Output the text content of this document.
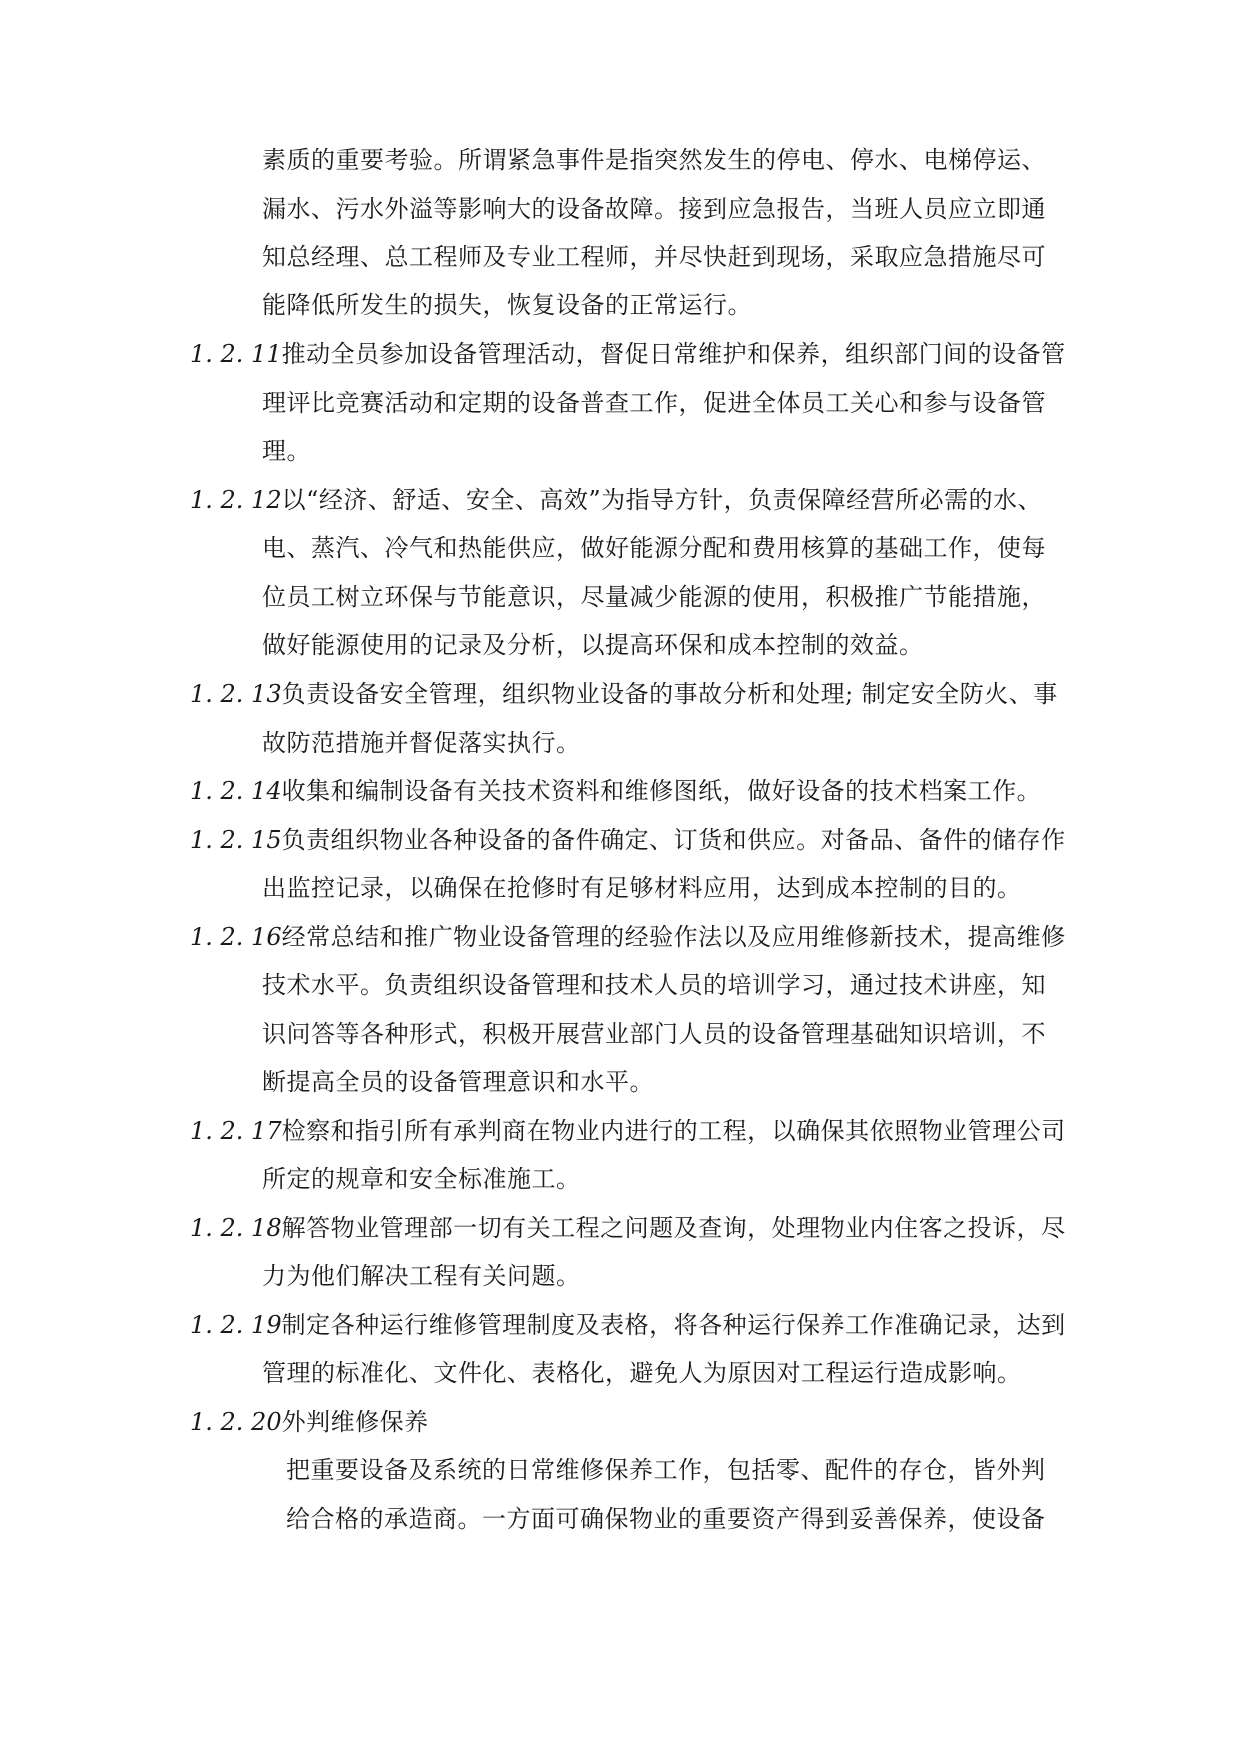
素质的重要考验。所谓紧急事件是指突然发生的停电、停水、电梯停运、
漏水、污水外溢等影响大的设备故障。接到应急报告，当班人员应立即通
知总经理、总工程师及专业工程师，并尽快赶到现场，采取应急措施尽可
能降低所发生的损失，恢复设备的正常运行。
1. 2. 11推动全员参加设备管理活动，督促日常维护和保养，组织部门间的设备管
理评比竞赛活动和定期的设备普查工作，促进全体员工关心和参与设备管
理。
1. 2. 12以“经济、舒适、安全、高效”为指导方针，负责保障经营所必需的水、
电、蒸汽、冷气和热能供应，做好能源分配和费用核算的基础工作，使每
位员工树立环保与节能意识，尽量减少能源的使用，积极推广节能措施，
做好能源使用的记录及分析，以提高环保和成本控制的效益。
1. 2. 13负责设备安全管理，组织物业设备的事故分析和处理; 制定安全防火、事
故防范措施并督促落实执行。
1. 2. 14收集和编制设备有关技术资料和维修图纸，做好设备的技术档案工作。
1. 2. 15负责组织物业各种设备的备件确定、订货和供应。对备品、备件的储存作
出监控记录，以确保在抢修时有足够材料应用，达到成本控制的目的。
1. 2. 16经常总结和推广物业设备管理的经验作法以及应用维修新技术，提高维修
技术水平。负责组织设备管理和技术人员的培训学习，通过技术讲座，知
识问答等各种形式，积极开展营业部门人员的设备管理基础知识培训，不
断提高全员的设备管理意识和水平。
1. 2. 17检察和指引所有承判商在物业内进行的工程，以确保其依照物业管理公司
所定的规章和安全标准施工。
1. 2. 18解答物业管理部一切有关工程之问题及查询，处理物业内住客之投诉，尽
力为他们解决工程有关问题。
1. 2. 19制定各种运行维修管理制度及表格，将各种运行保养工作准确记录，达到
管理的标准化、文件化、表格化，避免人为原因对工程运行造成影响。
1. 2. 20外判维修保养
把重要设备及系统的日常维修保养工作，包括零、配件的存仓，皆外判
给合格的承造商。一方面可确保物业的重要资产得到妥善保养，使设备
